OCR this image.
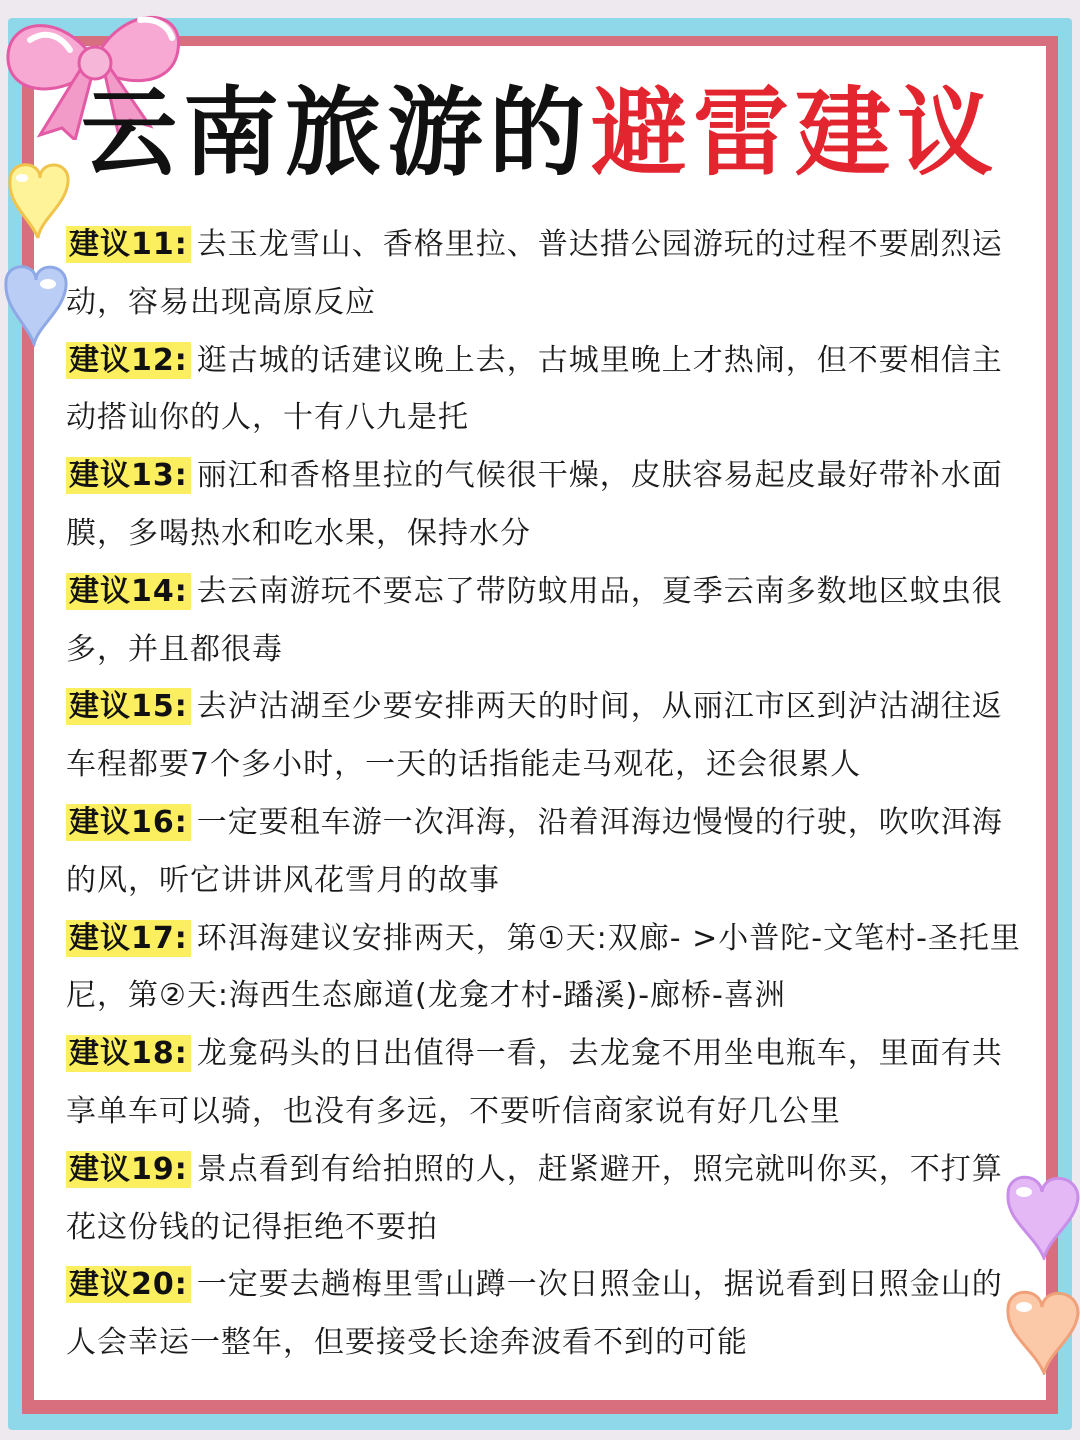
云南旅游的避雷建议
建议11: 去玉龙雪山、香格里拉、普达措公园游玩的过程不要剧烈运动，容易出现高原反应
建议12: 逛古城的话建议晚上去，古城里晚上才热闹，但不要相信主动搭讪你的人，十有八九是托
建议13: 丽江和香格里拉的气候很干燥，皮肤容易起皮最好带补水面膜，多喝热水和吃水果，保持水分
建议14: 去云南游玩不要忘了带防蚊用品，夏季云南多数地区蚊虫很多，并且都很毒
建议15: 去泸沽湖至少要安排两天的时间，从丽江市区到泸沽湖往返车程都要7个多小时，一天的话指能走马观花，还会很累人
建议16: 一定要租车游一次洱海，沿着洱海边慢慢的行驶，吹吹洱海的风，听它讲讲风花雪月的故事
建议17: 环洱海建议安排两天，第①天:双廊- >小普陀-文笔村-圣托里尼，第②天:海西生态廊道(龙龛才村-蹯溪)-廊桥-喜洲
建议18: 龙龛码头的日出值得一看，去龙龛不用坐电瓶车，里面有共享单车可以骑，也没有多远，不要听信商家说有好几公里
建议19: 景点看到有给拍照的人，赶紧避开，照完就叫你买，不打算花这份钱的记得拒绝不要拍
建议20: 一定要去趟梅里雪山蹲一次日照金山，据说看到日照金山的人会幸运一整年，但要接受长途奔波看不到的可能
